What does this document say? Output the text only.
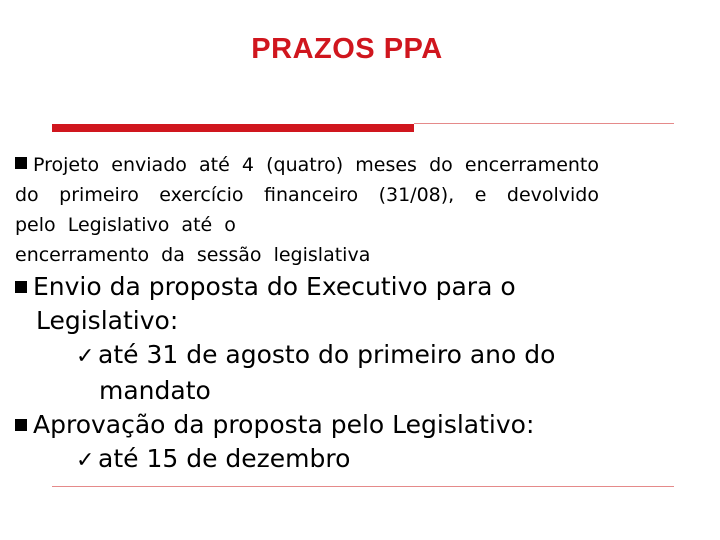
PRAZOS PPA
Projeto enviado até 4 (quatro) meses do encerramento do primeiro exercício financeiro (31/08), e devolvido pelo Legislativo até o
encerramento da sessão legislativa
Envio da proposta do Executivo para o
Legislativo:
✓ até 31 de agosto do primeiro ano do
mandato
Aprovação da proposta pelo Legislativo:
✓ até 15 de dezembro
